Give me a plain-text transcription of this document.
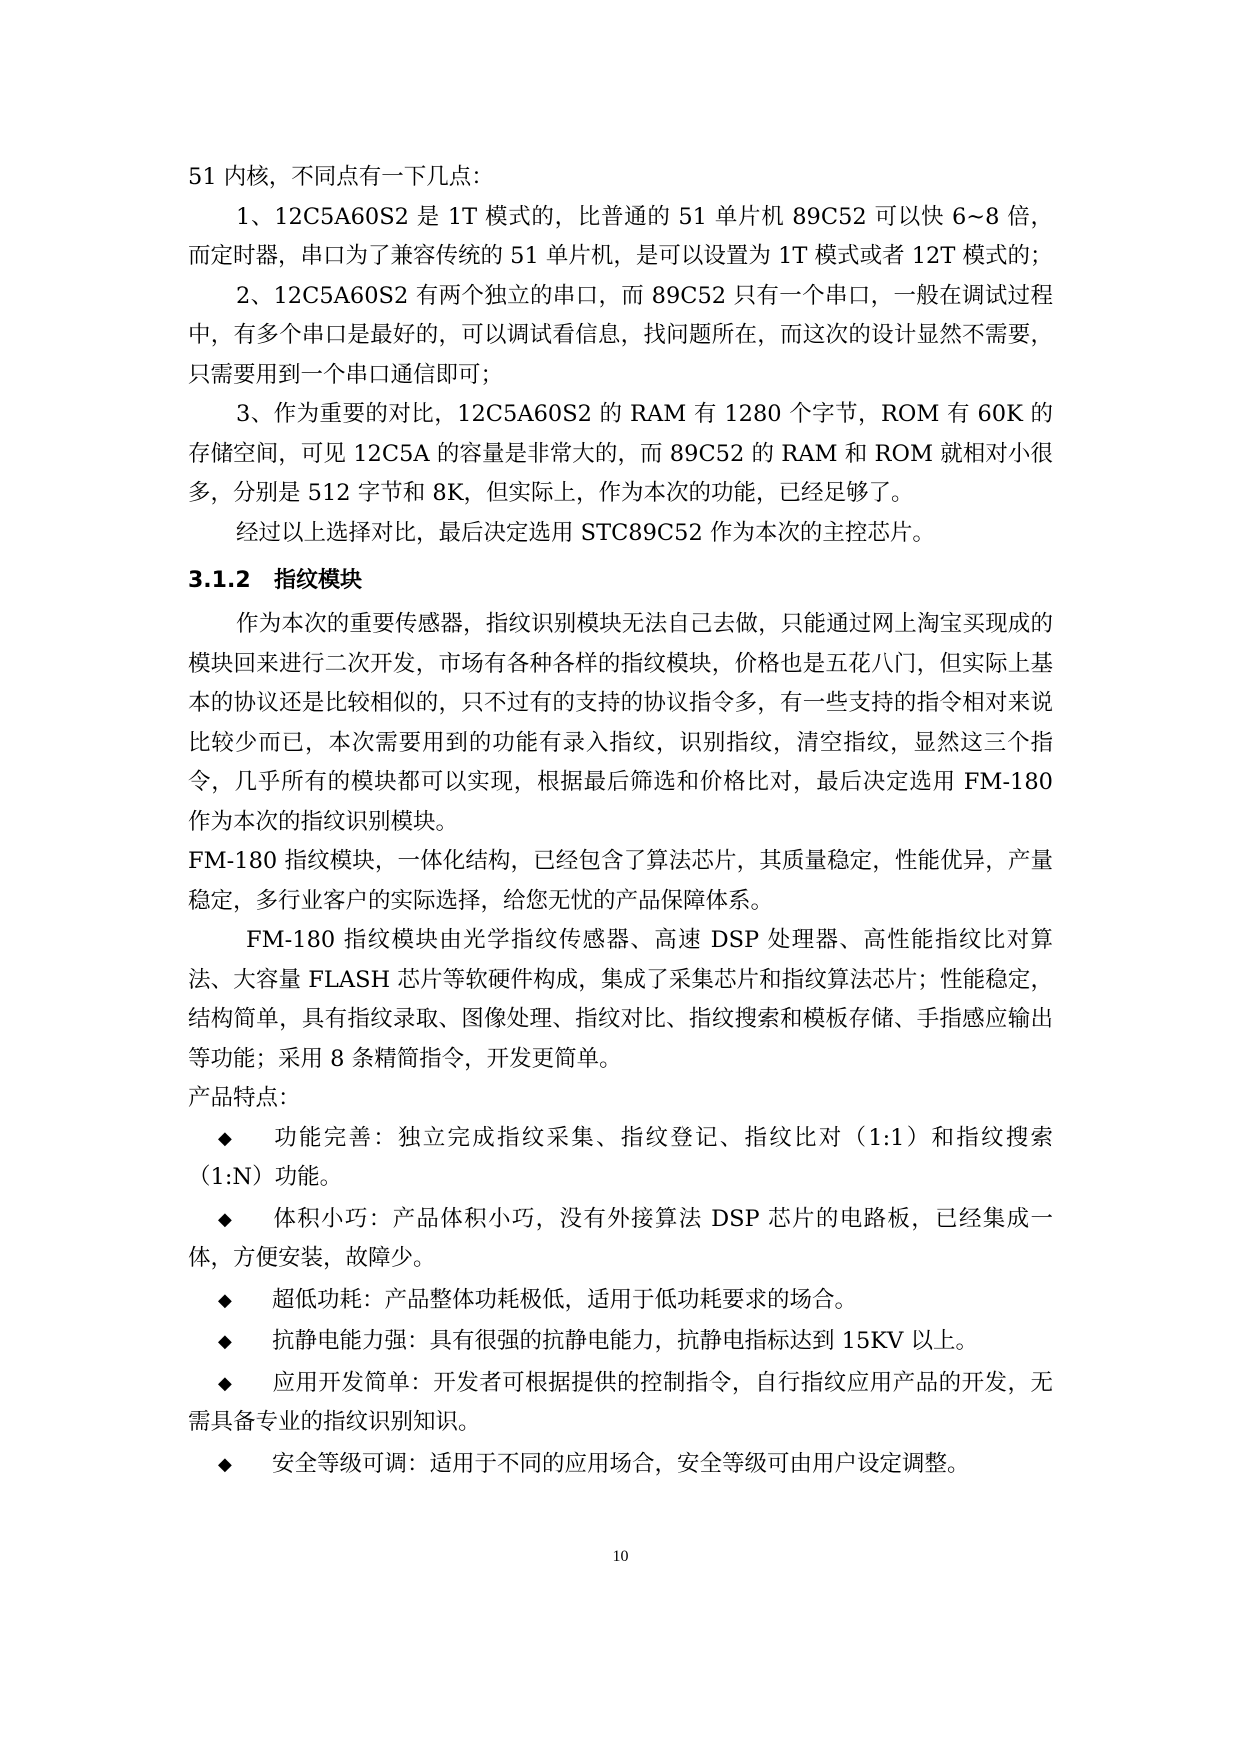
51 内核，不同点有一下几点：

1、12C5A60S2 是 1T 模式的，比普通的 51 单片机 89C52 可以快 6~8 倍，而定时器，串口为了兼容传统的 51 单片机，是可以设置为 1T 模式或者 12T 模式的；

2、12C5A60S2 有两个独立的串口，而 89C52 只有一个串口，一般在调试过程中，有多个串口是最好的，可以调试看信息，找问题所在，而这次的设计显然不需要，只需要用到一个串口通信即可；

3、作为重要的对比，12C5A60S2 的 RAM 有 1280 个字节，ROM 有 60K 的存储空间，可见 12C5A 的容量是非常大的，而 89C52 的 RAM 和 ROM 就相对小很多，分别是 512 字节和 8K，但实际上，作为本次的功能，已经足够了。

经过以上选择对比，最后决定选用 STC89C52 作为本次的主控芯片。

3.1.2 指纹模块

作为本次的重要传感器，指纹识别模块无法自己去做，只能通过网上淘宝买现成的模块回来进行二次开发，市场有各种各样的指纹模块，价格也是五花八门，但实际上基本的协议还是比较相似的，只不过有的支持的协议指令多，有一些支持的指令相对来说比较少而已，本次需要用到的功能有录入指纹，识别指纹，清空指纹，显然这三个指令，几乎所有的模块都可以实现，根据最后筛选和价格比对，最后决定选用 FM-180 作为本次的指纹识别模块。

FM-180 指纹模块，一体化结构，已经包含了算法芯片，其质量稳定，性能优异，产量稳定，多行业客户的实际选择，给您无忧的产品保障体系。

FM-180 指纹模块由光学指纹传感器、高速 DSP 处理器、高性能指纹比对算法、大容量 FLASH 芯片等软硬件构成，集成了采集芯片和指纹算法芯片；性能稳定，结构简单，具有指纹录取、图像处理、指纹对比、指纹搜索和模板存储、手指感应输出等功能；采用 8 条精简指令，开发更简单。

产品特点：

◆ 功能完善：独立完成指纹采集、指纹登记、指纹比对（1:1）和指纹搜索（1:N）功能。

◆ 体积小巧：产品体积小巧，没有外接算法 DSP 芯片的电路板，已经集成一体，方便安装，故障少。

◆ 超低功耗：产品整体功耗极低，适用于低功耗要求的场合。

◆ 抗静电能力强：具有很强的抗静电能力，抗静电指标达到 15KV 以上。

◆ 应用开发简单：开发者可根据提供的控制指令，自行指纹应用产品的开发，无需具备专业的指纹识别知识。

◆ 安全等级可调：适用于不同的应用场合，安全等级可由用户设定调整。

10
